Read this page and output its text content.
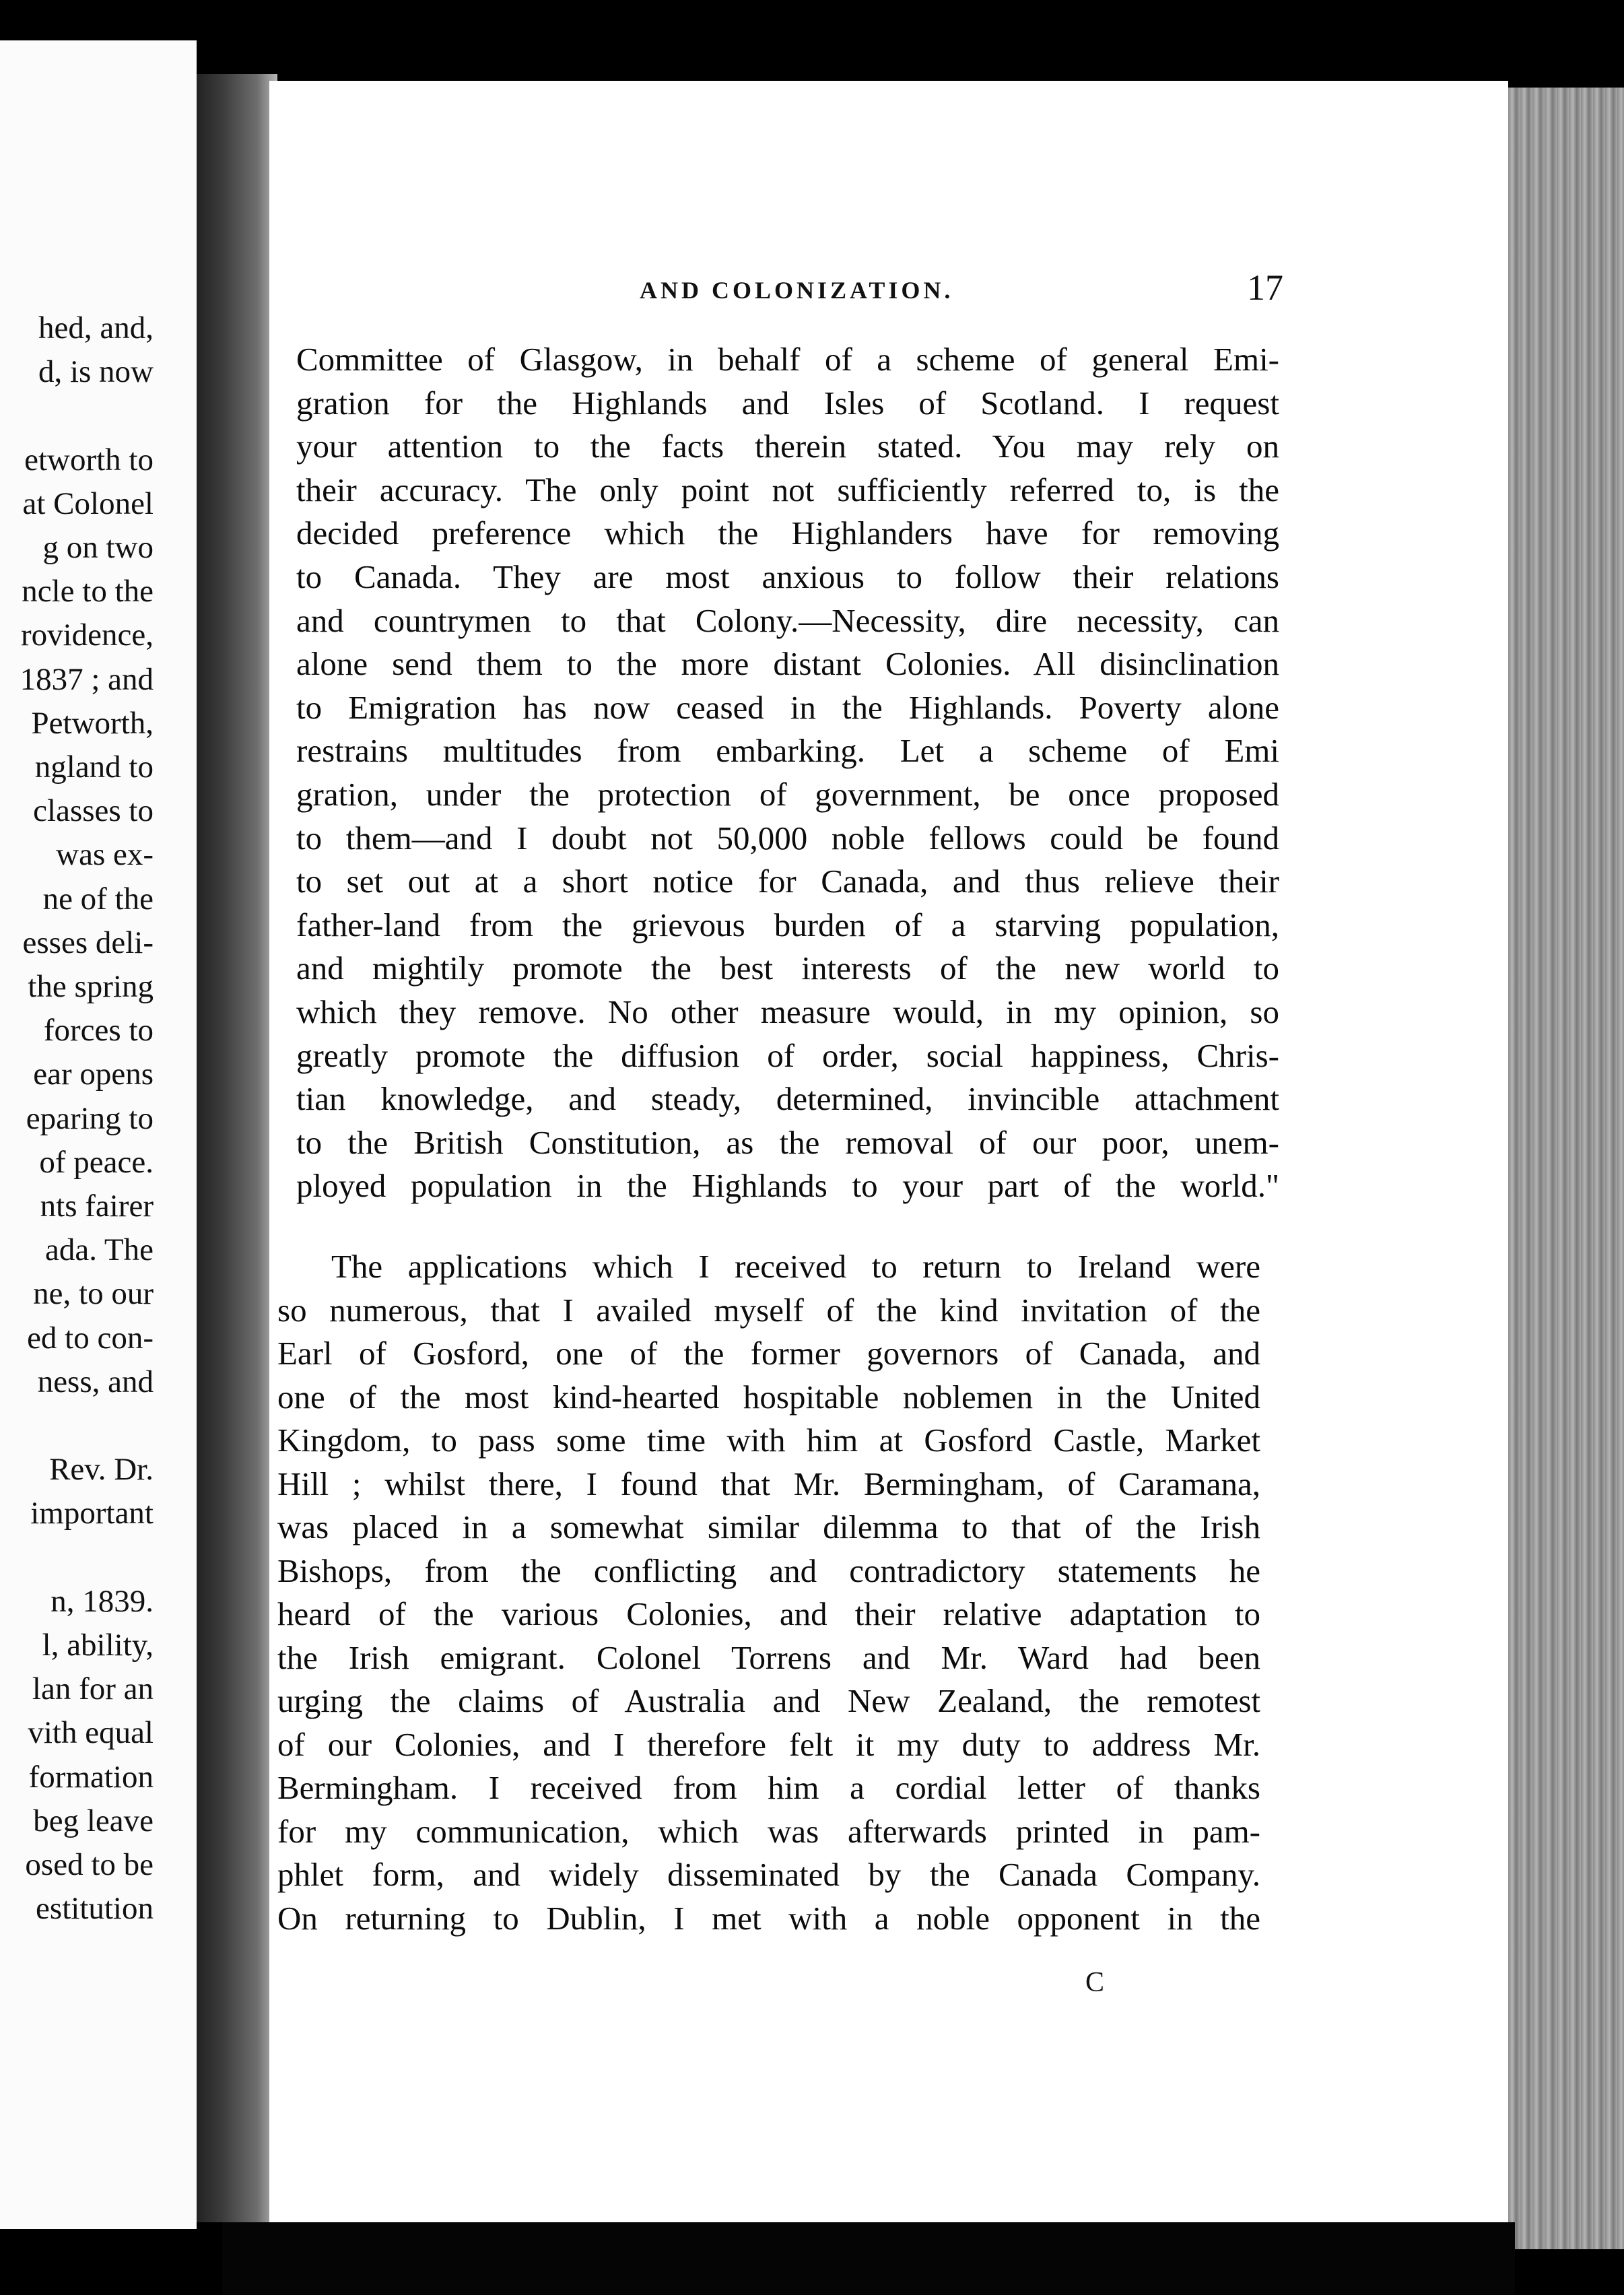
hed, and,
d, is now
etworth to
at Colonel
g on two
ncle to the
rovidence,
1837 ; and
Petworth,
ngland to
classes to
was ex-
ne of the
esses deli-
the spring
forces to
ear opens
eparing to
of peace.
nts fairer
ada. The
ne, to our
ed to con-
ness, and
Rev. Dr.
important
n, 1839.
l, ability,
lan for an
vith equal
formation
beg leave
osed to be
estitution
AND COLONIZATION.	17
Committee of Glasgow, in behalf of a scheme of general Emi-
gration for the Highlands and Isles of Scotland. I request
your attention to the facts therein stated. You may rely on
their accuracy. The only point not sufficiently referred to, is the
decided preference which the Highlanders have for removing
to Canada. They are most anxious to follow their relations
and countrymen to that Colony.—Necessity, dire necessity, can
alone send them to the more distant Colonies. All disinclination
to Emigration has now ceased in the Highlands. Poverty alone
restrains multitudes from embarking. Let a scheme of Emi
gration, under the protection of government, be once proposed
to them—and I doubt not 50,000 noble fellows could be found
to set out at a short notice for Canada, and thus relieve their
father-land from the grievous burden of a starving population,
and mightily promote the best interests of the new world to
which they remove. No other measure would, in my opinion, so
greatly promote the diffusion of order, social happiness, Chris-
tian knowledge, and steady, determined, invincible attachment
to the British Constitution, as the removal of our poor, unem-
ployed population in the Highlands to your part of the world."
The applications which I received to return to Ireland were
so numerous, that I availed myself of the kind invitation of the
Earl of Gosford, one of the former governors of Canada, and
one of the most kind-hearted hospitable noblemen in the United
Kingdom, to pass some time with him at Gosford Castle, Market
Hill ; whilst there, I found that Mr. Bermingham, of Caramana,
was placed in a somewhat similar dilemma to that of the Irish
Bishops, from the conflicting and contradictory statements he
heard of the various Colonies, and their relative adaptation to
the Irish emigrant. Colonel Torrens and Mr. Ward had been
urging the claims of Australia and New Zealand, the remotest
of our Colonies, and I therefore felt it my duty to address Mr.
Bermingham. I received from him a cordial letter of thanks
for my communication, which was afterwards printed in pam-
phlet form, and widely disseminated by the Canada Company.
On returning to Dublin, I met with a noble opponent in the
C
